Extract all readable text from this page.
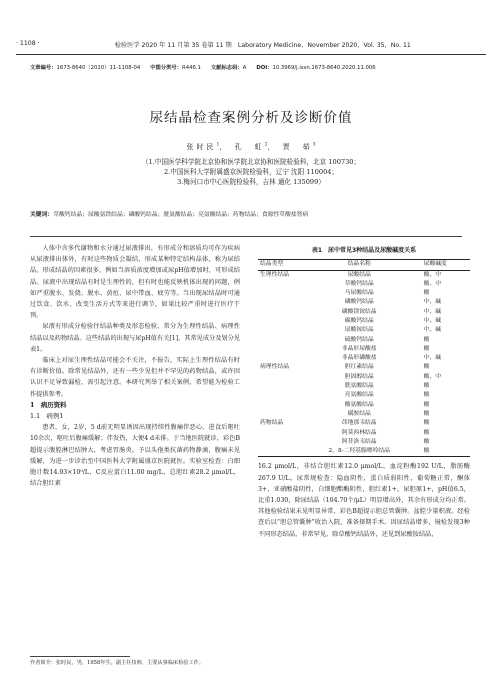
· 1108 ·	检验医学 2020 年 11 月第 35 卷第 11 期　Laboratory Medicine，November 2020，Vol. 35，No. 11
文章编号：1673-8640（2020）11-1108-04 中图分类号：R446.1 文献标志码：A DOI：10.3969/j.issn.1673-8640.2020.11.006
尿结晶检查案例分析及诊断价值
张时民$^1$， 孔　虹$^2$， 贾　茹$^3$
（1.中国医学科学院北京协和医学院北京协和医院检验科，北京 100730；
2.中国医科大学附属盛京医院检验科，辽宁 沈阳 110004；
3.梅河口市中心医院检验科，吉林 通化 135099）
关键词：草酸钙结晶；尿酸氨铁结晶；磷酸钙结晶；胱氨酸结晶；亮氨酸结晶；药物结晶；食源性草酸盐肾病

人体中含多代谢物和水分通过尿液排出，有形成分和溶质均可作为疾病从尿液排出体外，有时这些物质会凝结，形成某种特定结构晶体，称为尿结晶。形成结晶的因素很多，例如当溶质浓度增加或尿pH值增加时，可形成结晶。尿液中出现结晶有时是生理性的，但有时也能反映机体出现的问题，例如严重脱水、发烧、脱水、黄疸、尿中带血、疲劳等。当出现尿结晶时可通过饮食、饮水、改变生活方式等来进行调节，如果比较严重时进行医疗干预。

尿液有形成分检验往结晶种类及形态检验，常分为生理性结晶、病理性结晶以及药物结晶。这些结晶的出现与尿pH值有关[1]，其常见成分及划分见表1。

临床上对尿生理性结晶可能会不关注，不报告，实际上生理性结晶有时有诊断价值。除常见结晶外，还有一些少见但并不罕见的药物结晶，或许因认识不足导致漏检，需引起注意。本研究列举了相关案例，希望能为检验工作提供参考。

1　病历资料
1.1　病例1

患者，女，2岁，5 d前无明显诱因出现持续性腹痛伴恶心，进食后呕吐10余次，呕吐后腹痛缓解；伴发热，大便4 d未排。于当地医院就诊，彩色B超提示腹腔淋巴结肿大，考虑胃肠炎。予以头孢类抗菌药物静滴，腹痛未见缓解，为进一步诊治至中国医科大学附属盛京医院就医。实验室检查：白细胞计数14.93×10⁹/L，C反应蛋白11.00 mg/L，总胆红素28.2 μmol/L，结合胆红素

表1　尿中常见3种结晶及尿酸碱度关系
结晶类型	结晶名称	尿酸碱度
生理性结晶	尿酸结晶	酸、中
	草酸钙结晶	酸、中
	马尿酸结晶	酸
	磷酸钙结晶	中、碱
	磷酸镁铵结晶	中、碱
	碳酸钙结晶	中、碱
	尿酸铵结晶	中、碱
	硫酸钙结晶	酸
	非晶形尿酸盐	酸
	非晶形磷酸盐	中、碱
病理性结晶	胆红素结晶	酸
	胆固醇结晶	酸、中
	胱氨酸结晶	酸
	亮氨酸结晶	酸
	酪氨酸结晶	酸
	磺胺结晶	酸
药物结晶	茚地那韦结晶	酸
	阿莫西林结晶	酸
	阿昔洛韦结晶	酸
	2，8-二羟基腺嘌呤结晶	酸

16.2 μmol/L，非结合胆红素12.0 μmol/L，血淀粉酶192 U/L，脂肪酶267.9 U/L。尿常规检查：隐血阴性，蛋白质弱阳性，葡萄糖正常，酮体3+，亚硝酸盐阴性，白细胞酯酶阴性，胆红素1+，尿胆原1+，pH值6.5，比重1.030，除尿结晶（104.70个/μL）明显增高外，其余有形成分均正常。其他检验结果未见明显异常，彩色B超提示胆总管囊肿。盆腔少量积液。经检查后以“胆总管囊肿”收治入院，准备择期手术。因尿结晶增多，镜检发现3种不同形态结晶，非常罕见。除草酸钙结晶外，还见到尿酸铵结晶，

作者简介：张时民，男，1958年生，副主任技师，主要从事临床检验工作。
